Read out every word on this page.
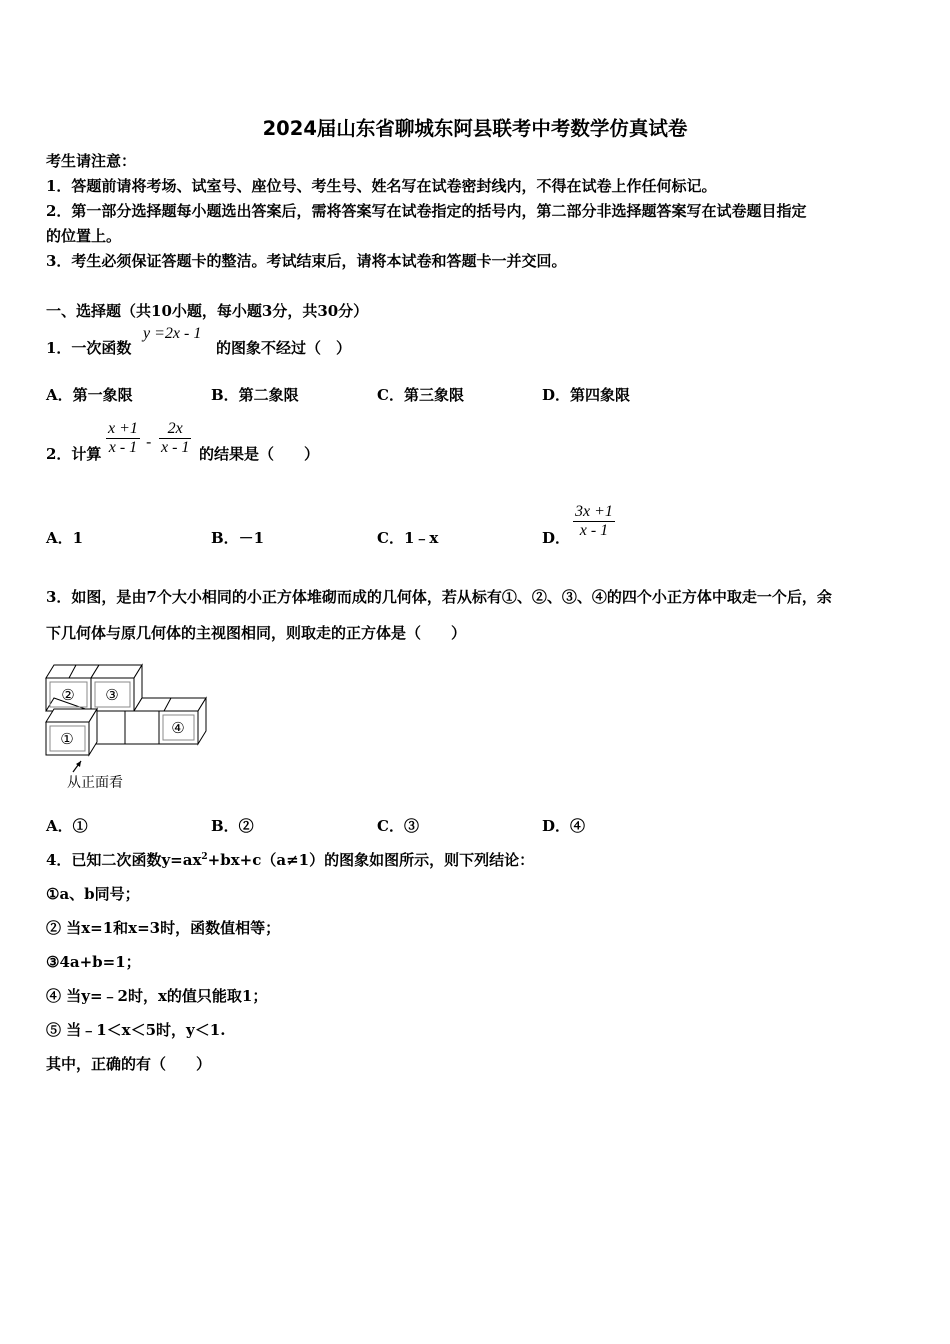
2024届山东省聊城东阿县联考中考数学仿真试卷
考生请注意：
1．答题前请将考场、试室号、座位号、考生号、姓名写在试卷密封线内，不得在试卷上作任何标记。
2．第一部分选择题每小题选出答案后，需将答案写在试卷指定的括号内，第二部分非选择题答案写在试卷题目指定
的位置上。
3．考生必须保证答题卡的整洁。考试结束后，请将本试卷和答题卡一并交回。
一、选择题（共10小题，每小题3分，共30分）
1．一次函数
y =2x - 1
的图象不经过（　）
A．第一象限	B．第二象限	C．第三象限	D．第四象限
2．计算 $\frac{x +1}{x - 1} - \frac{2x}{x - 1}$ 的结果是（　　）
A．1	B．－1	C．1﹣x	D． $\frac{3x +1}{x - 1}$
3．如图，是由7个大小相同的小正方体堆砌而成的几何体，若从标有①、②、③、④的四个小正方体中取走一个后，余
下几何体与原几何体的主视图相同，则取走的正方体是（　　）
② ③
①
④
从正面看
A．①	B．②	C．③	D．④
4．已知二次函数$y=ax^2+bx+c(a\ne 1)$的图象如图所示，则下列结论：
①a、b同号；
② 当x=1和x=3时，函数值相等；
③4a+b=1；
④ 当y=﹣2时，x的值只能取1；
⑤ 当﹣1＜x＜5时，y＜1.
其中，正确的有（　　）
